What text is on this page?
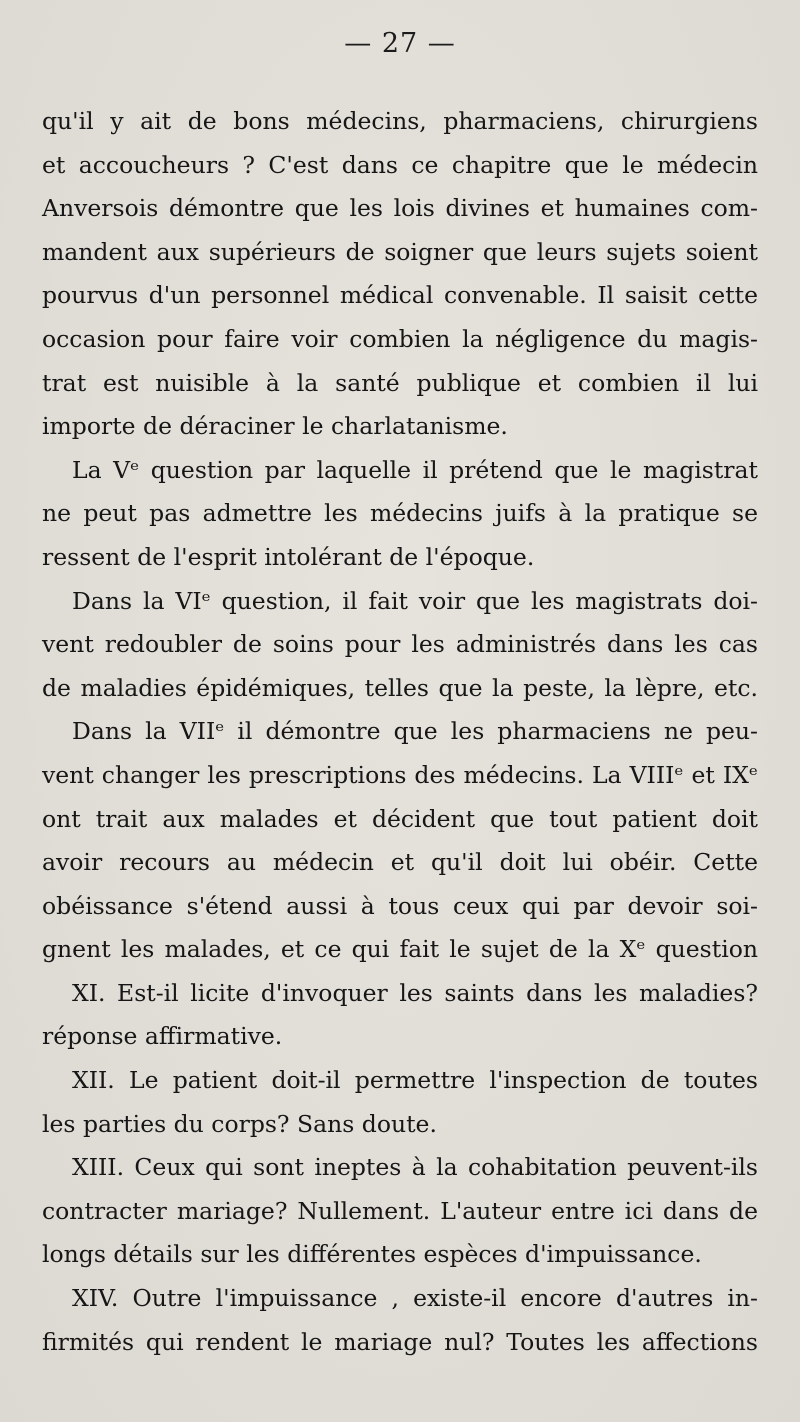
— 27 —

qu'il y ait de bons médecins, pharmaciens, chirurgiens
et accoucheurs ? C'est dans ce chapitre que le médecin
Anversois démontre que les lois divines et humaines com-
mandent aux supérieurs de soigner que leurs sujets soient
pourvus d'un personnel médical convenable. Il saisit cette
occasion pour faire voir combien la négligence du magis-
trat est nuisible à la santé publique et combien il lui
importe de déraciner le charlatanisme.

La Vᵉ question par laquelle il prétend que le magistrat
ne peut pas admettre les médecins juifs à la pratique se
ressent de l'esprit intolérant de l'époque.

Dans la VIᵉ question, il fait voir que les magistrats doi-
vent redoubler de soins pour les administrés dans les cas
de maladies épidémiques, telles que la peste, la lèpre, etc.

Dans la VIIᵉ il démontre que les pharmaciens ne peu-
vent changer les prescriptions des médecins. La VIIIᵉ et IXᵉ
ont trait aux malades et décident que tout patient doit
avoir recours au médecin et qu'il doit lui obéir. Cette
obéissance s'étend aussi à tous ceux qui par devoir soi-
gnent les malades, et ce qui fait le sujet de la Xᵉ question

XI. Est-il licite d'invoquer les saints dans les maladies?
réponse affirmative.

XII. Le patient doit-il permettre l'inspection de toutes
les parties du corps? Sans doute.

XIII. Ceux qui sont ineptes à la cohabitation peuvent-ils
contracter mariage? Nullement. L'auteur entre ici dans de
longs détails sur les différentes espèces d'impuissance.

XIV. Outre l'impuissance , existe-il encore d'autres in-
firmités qui rendent le mariage nul? Toutes les affections
